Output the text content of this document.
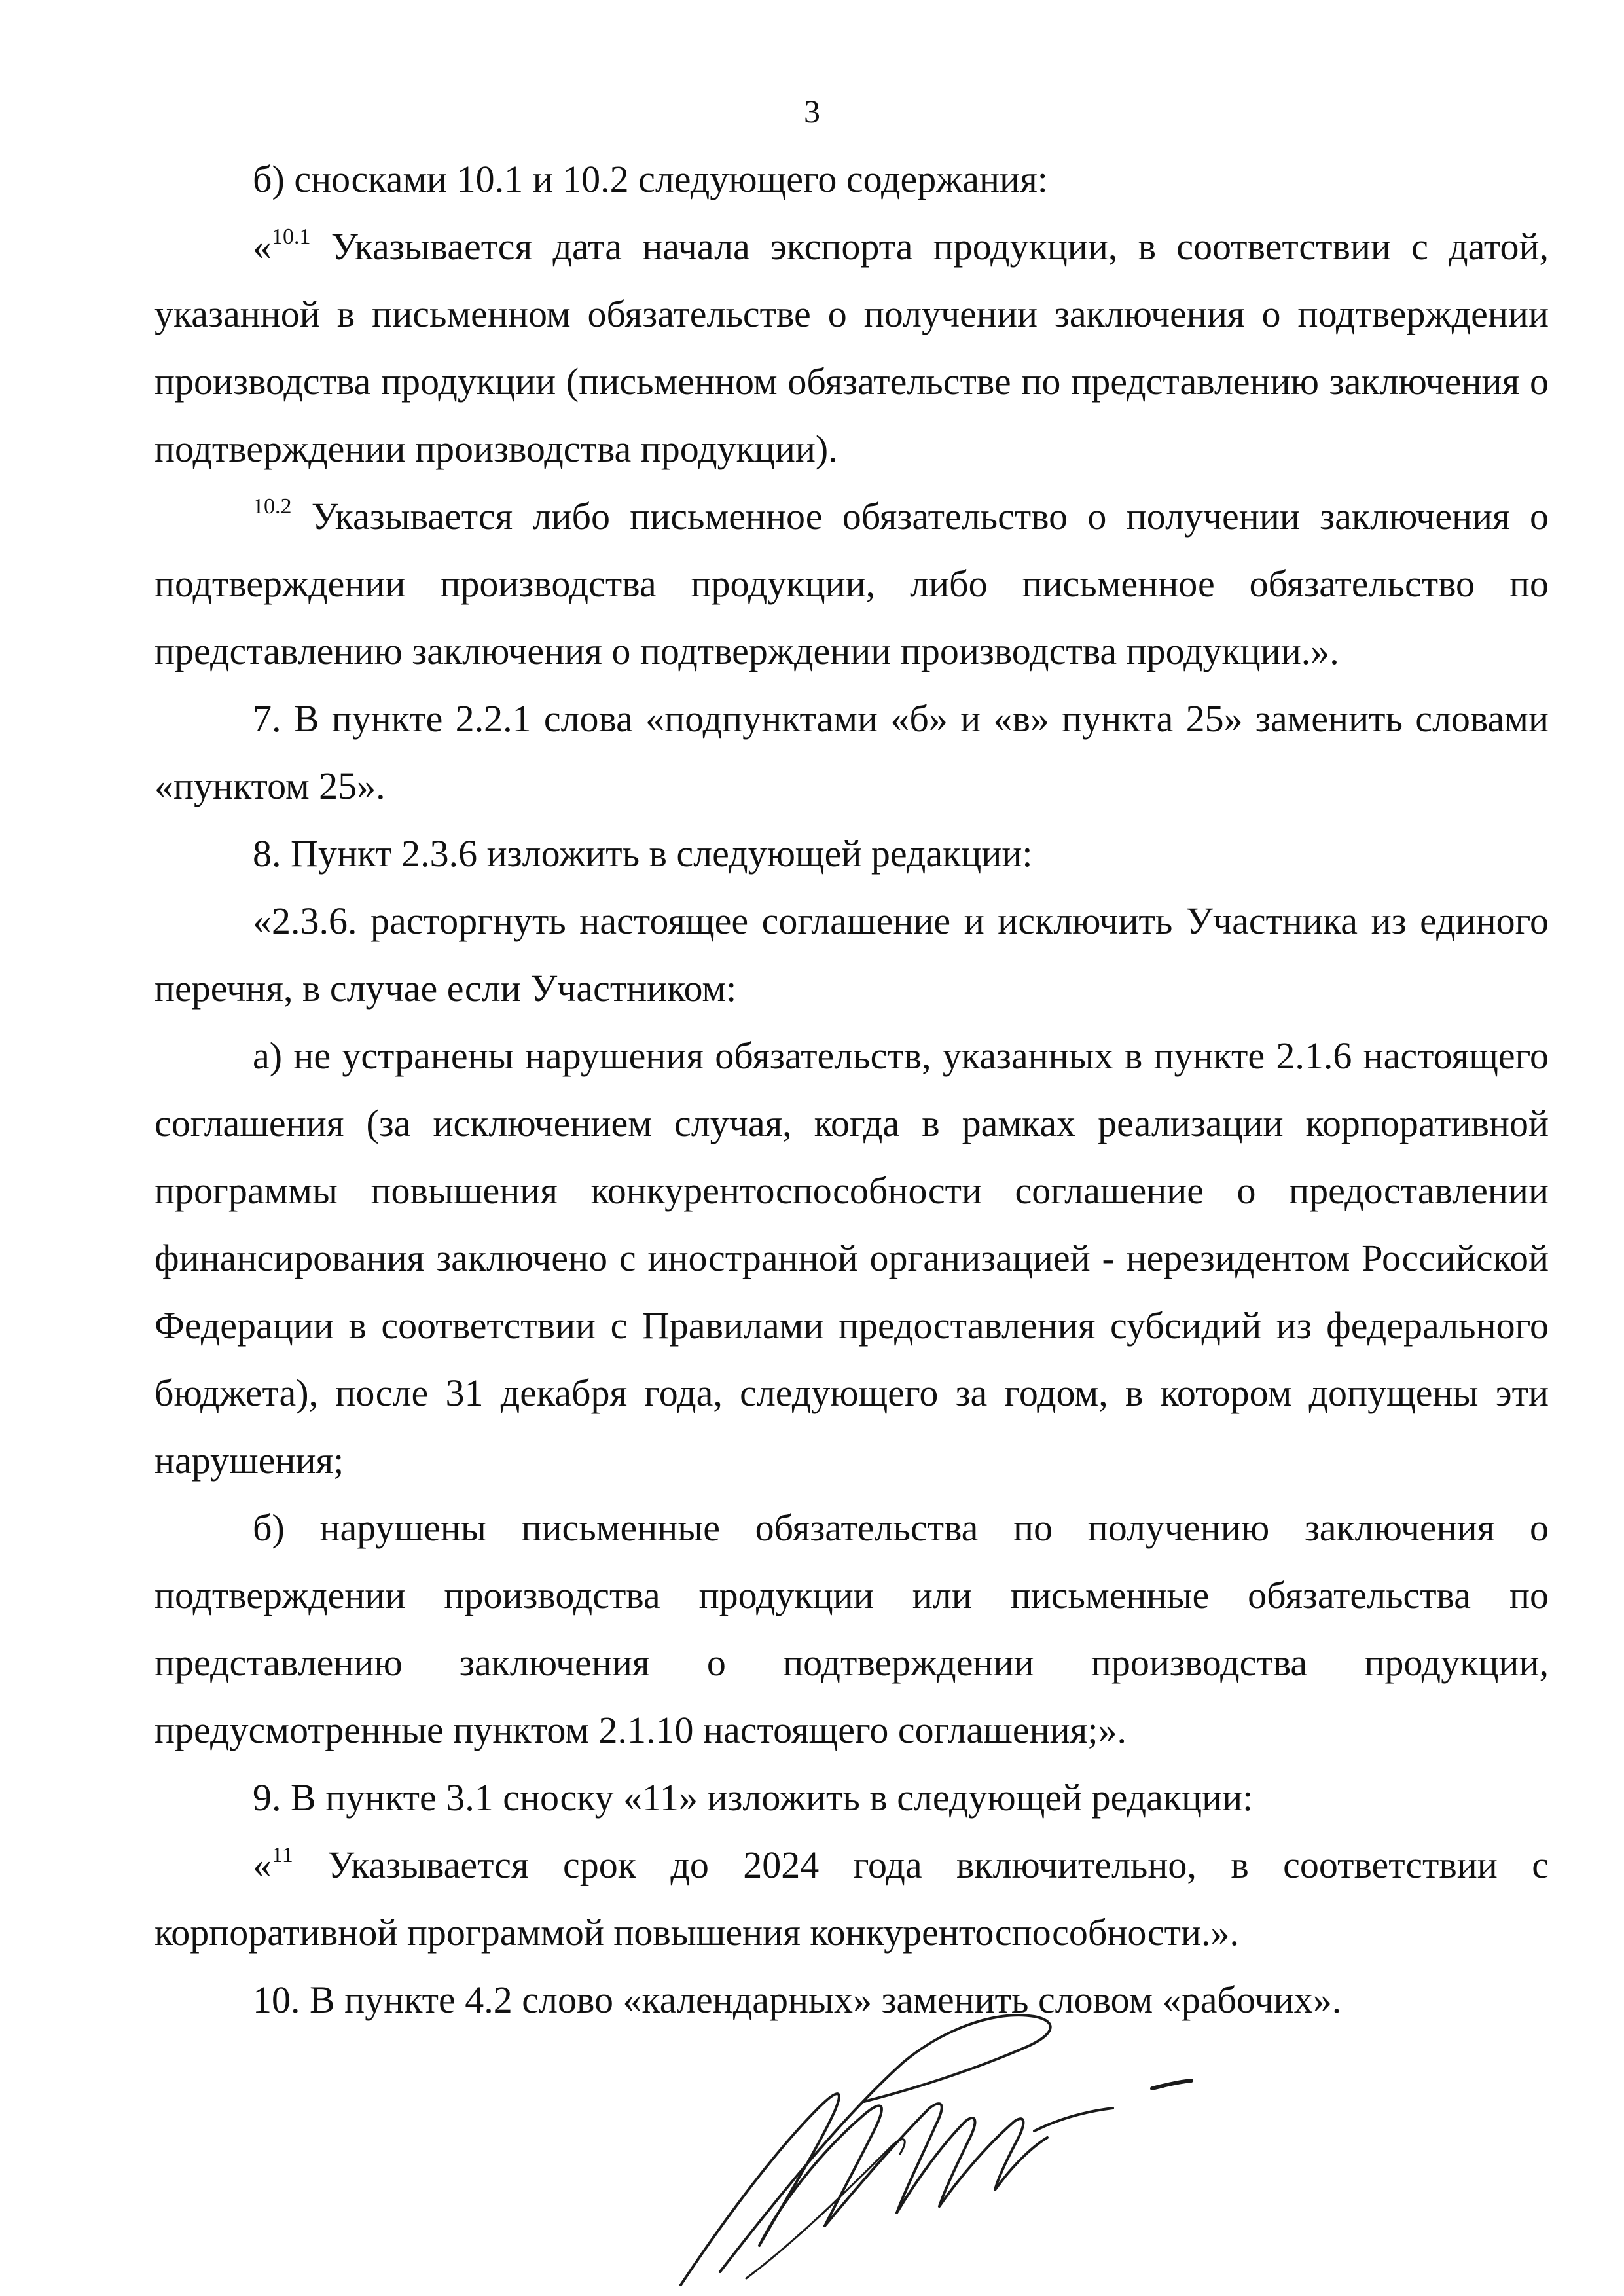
3

б) сносками 10.1 и 10.2 следующего содержания:

«$^{10.1}$ Указывается дата начала экспорта продукции, в соответствии с датой, указанной в письменном обязательстве о получении заключения о подтверждении производства продукции (письменном обязательстве по представлению заключения о подтверждении производства продукции).

$^{10.2}$ Указывается либо письменное обязательство о получении заключения о подтверждении производства продукции, либо письменное обязательство по представлению заключения о подтверждении производства продукции.».

7. В пункте 2.2.1 слова «подпунктами «б» и «в» пункта 25» заменить словами «пунктом 25».

8. Пункт 2.3.6 изложить в следующей редакции:

«2.3.6. расторгнуть настоящее соглашение и исключить Участника из единого перечня, в случае если Участником:

а) не устранены нарушения обязательств, указанных в пункте 2.1.6 настоящего соглашения (за исключением случая, когда в рамках реализации корпоративной программы повышения конкурентоспособности соглашение о предоставлении финансирования заключено с иностранной организацией - нерезидентом Российской Федерации в соответствии с Правилами предоставления субсидий из федерального бюджета), после 31 декабря года, следующего за годом, в котором допущены эти нарушения;

б) нарушены письменные обязательства по получению заключения о подтверждении производства продукции или письменные обязательства по представлению заключения о подтверждении производства продукции, предусмотренные пунктом 2.1.10 настоящего соглашения;».

9. В пункте 3.1 сноску «11» изложить в следующей редакции:

«$^{11}$ Указывается срок до 2024 года включительно, в соответствии с корпоративной программой повышения конкурентоспособности.».

10. В пункте 4.2 слово «календарных» заменить словом «рабочих».
